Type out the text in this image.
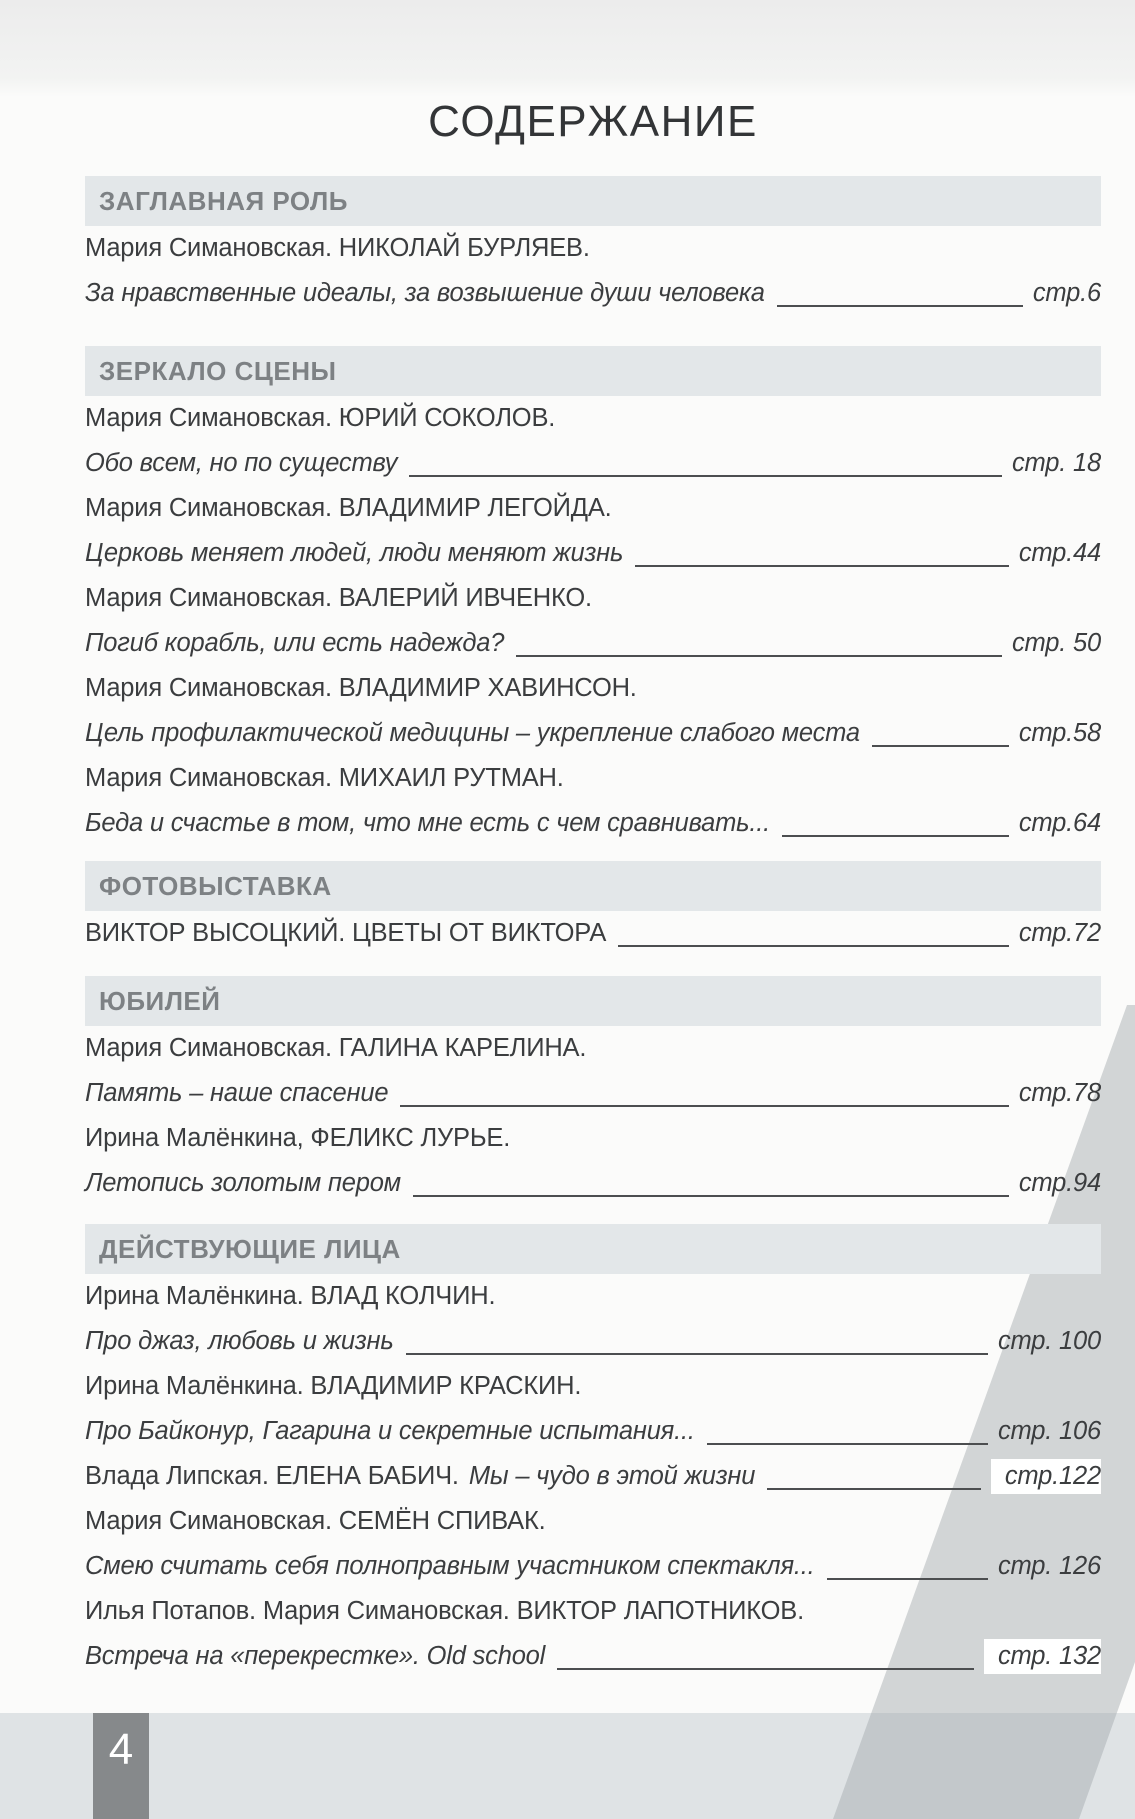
4
СОДЕРЖАНИЕ
ЗАГЛАВНАЯ РОЛЬ
Мария Симановская. НИКОЛАЙ БУРЛЯЕВ.
За нравственные идеалы, за возвышение души человека	стр.6
ЗЕРКАЛО СЦЕНЫ
Мария Симановская. ЮРИЙ СОКОЛОВ.
Обо всем, но по существу	стр. 18
Мария Симановская. ВЛАДИМИР ЛЕГОЙДА.
Церковь меняет людей, люди меняют жизнь	стр.44
Мария Симановская. ВАЛЕРИЙ ИВЧЕНКО.
Погиб корабль, или есть надежда?	стр. 50
Мария Симановская. ВЛАДИМИР ХАВИНСОН.
Цель профилактической медицины – укрепление слабого места	стр.58
Мария Симановская. МИХАИЛ РУТМАН.
Беда и счастье в том, что мне есть с чем сравнивать...	стр.64
ФОТОВЫСТАВКА
ВИКТОР ВЫСОЦКИЙ. ЦВЕТЫ ОТ ВИКТОРА	стр.72
ЮБИЛЕЙ
Мария Симановская. ГАЛИНА КАРЕЛИНА.
Память – наше спасение	стр.78
Ирина Малёнкина, ФЕЛИКС ЛУРЬЕ.
Летопись золотым пером	стр.94
ДЕЙСТВУЮЩИЕ ЛИЦА
Ирина Малёнкина. ВЛАД КОЛЧИН.
Про джаз, любовь и жизнь	стр. 100
Ирина Малёнкина. ВЛАДИМИР КРАСКИН.
Про Байконур, Гагарина и секретные испытания...	стр. 106
Влада Липская. ЕЛЕНА БАБИЧ. Мы – чудо в этой жизни	стр.122
Мария Симановская. СЕМЁН СПИВАК.
Смею считать себя полноправным участником спектакля...	стр. 126
Илья Потапов. Мария Симановская. ВИКТОР ЛАПОТНИКОВ.
Встреча на «перекрестке». Old school	стр. 132
